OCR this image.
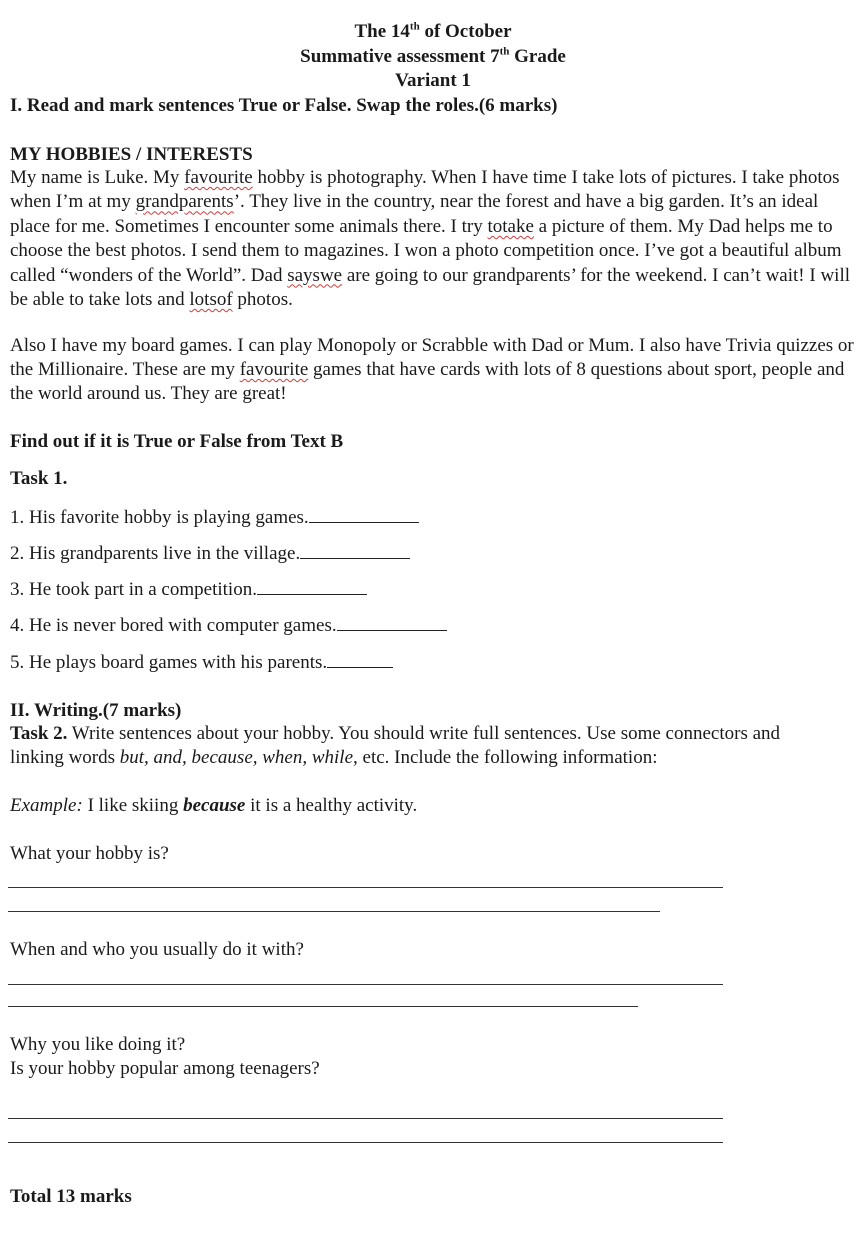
The 14th of October
Summative assessment 7th Grade
Variant 1
I. Read and mark sentences True or False. Swap the roles.(6 marks)
MY HOBBIES / INTERESTS
My name is Luke. My favourite hobby is photography. When I have time I take lots of pictures. I take photos when I’m at my grandparents’. They live in the country, near the forest and have a big garden. It’s an ideal place for me. Sometimes I encounter some animals there. I try totake a picture of them. My Dad helps me to choose the best photos. I send them to magazines. I won a photo competition once. I’ve got a beautiful album called “wonders of the World”. Dad sayswe are going to our grandparents’ for the weekend. I can’t wait! I will be able to take lots and lotsof photos.
Also I have my board games. I can play Monopoly or Scrabble with Dad or Mum. I also have Trivia quizzes or the Millionaire. These are my favourite games that have cards with lots of 8 questions about sport, people and the world around us. They are great!
Find out if it is True or False from Text B
Task 1.
1. His favorite hobby is playing games.
2. His grandparents live in the village.
3. He took part in a competition.
4. He is never bored with computer games.
5. He plays board games with his parents.
II. Writing.(7 marks)
Task 2. Write sentences about your hobby. You should write full sentences. Use some connectors and linking words but, and, because, when, while, etc. Include the following information:
Example: I like skiing because it is a healthy activity.
What your hobby is?
When and who you usually do it with?
Why you like doing it?
Is your hobby popular among teenagers?
Total 13 marks
